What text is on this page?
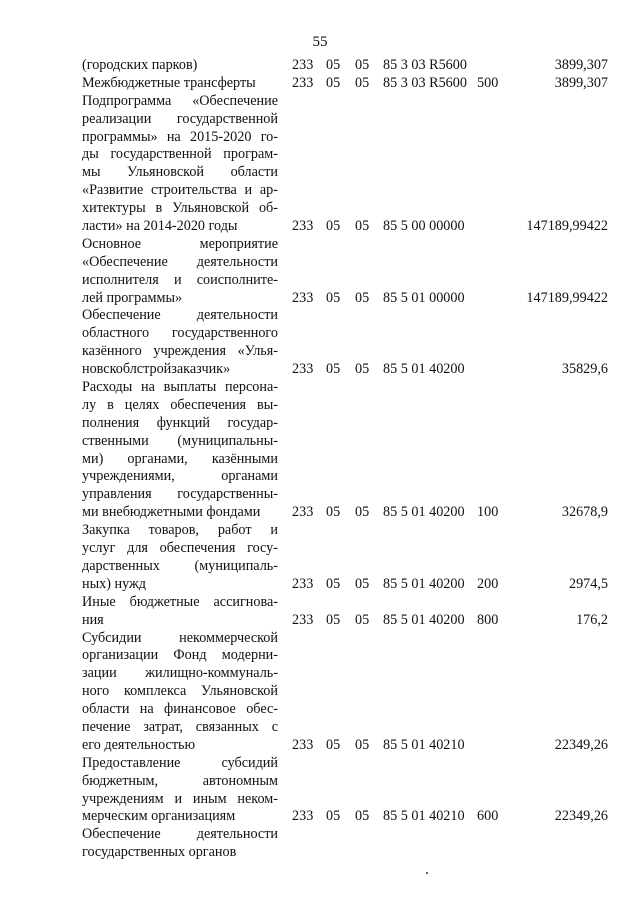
55
(городских парков)	233 05 05 85 3 03 R5600	3899,307
Межбюджетные трансферты	233 05 05 85 3 03 R5600 500	3899,307
Подпрограмма «Обеспечение
реализации государственной
программы» на 2015-2020 го-
ды государственной програм-
мы Ульяновской области
«Развитие строительства и ар-
хитектуры в Ульяновской об-
ласти» на 2014-2020 годы	233 05 05 85 5 00 00000	147189,99422
Основное мероприятие
«Обеспечение деятельности
исполнителя и соисполните-
лей программы»	233 05 05 85 5 01 00000	147189,99422
Обеспечение деятельности
областного государственного
казённого учреждения «Улья-
новскоблстройзаказчик»	233 05 05 85 5 01 40200	35829,6
Расходы на выплаты персона-
лу в целях обеспечения вы-
полнения функций государ-
ственными (муниципальны-
ми) органами, казёнными
учреждениями, органами
управления государственны-
ми внебюджетными фондами	233 05 05 85 5 01 40200 100	32678,9
Закупка товаров, работ и
услуг для обеспечения госу-
дарственных (муниципаль-
ных) нужд	233 05 05 85 5 01 40200 200	2974,5
Иные бюджетные ассигнова-
ния	233 05 05 85 5 01 40200 800	176,2
Субсидии некоммерческой
организации Фонд модерни-
зации жилищно-коммуналь-
ного комплекса Ульяновской
области на финансовое обес-
печение затрат, связанных с
его деятельностью	233 05 05 85 5 01 40210	22349,26
Предоставление субсидий
бюджетным, автономным
учреждениям и иным неком-
мерческим организациям	233 05 05 85 5 01 40210 600	22349,26
Обеспечение деятельности
государственных органов
